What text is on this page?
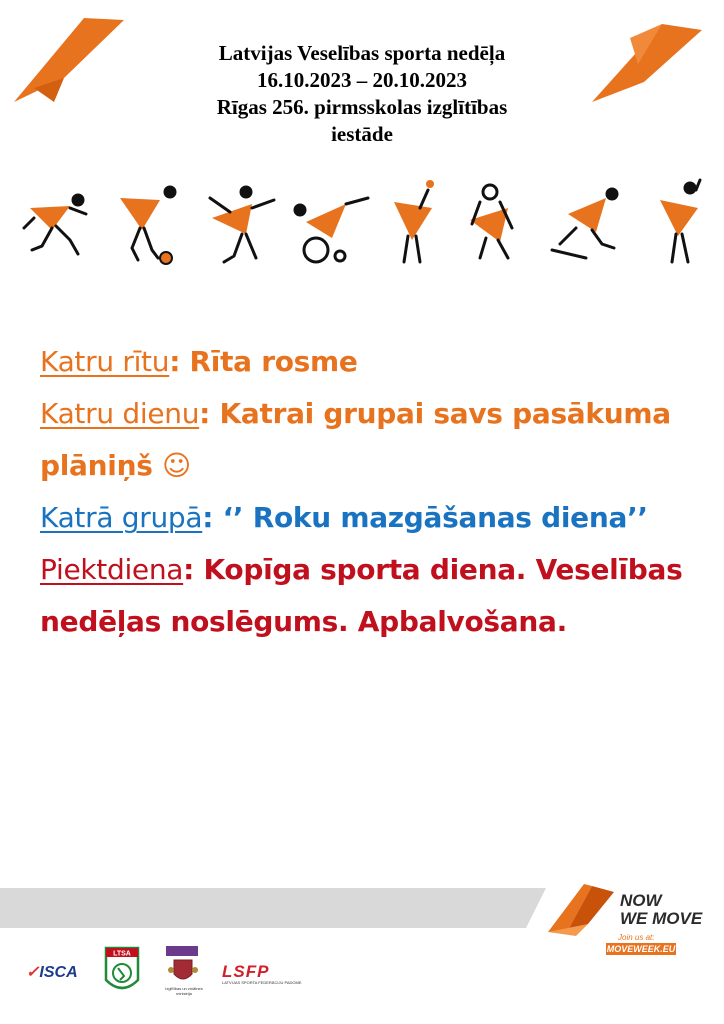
Latvijas Veselības sporta nedēļa
16.10.2023 – 20.10.2023
Rīgas 256. pirmsskolas izglītības
iestāde

Katru rītu: Rīta rosme

Katru dienu: Katrai grupai savs pasākuma plāniņš ☺

Katrā grupā: ‘’ Roku mazgāšanas diena’’

Piektdiena: Kopīga sporta diena. Veselības nedēļas noslēgums. Apbalvošana.

NOW
WE MOVE
Join us at:
MOVEWEEK.EU
✓ISCA
LTSA
Izglītības un zinātnes ministrija
LSFP
LATVIJAS SPORTA FEDERĀCIJU PADOME
